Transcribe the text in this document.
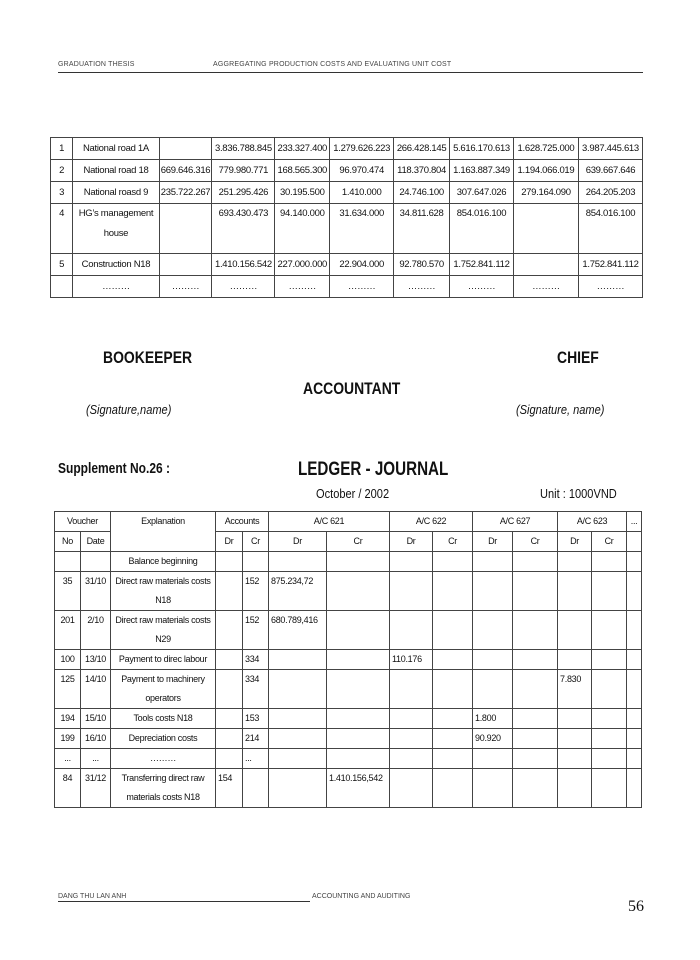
GRADUATION THESIS	AGGREGATING PRODUCTION COSTS AND EVALUATING UNIT COST
1	National road 1A		3.836.788.845	233.327.400	1.279.626.223	266.428.145	5.616.170.613	1.628.725.000	3.987.445.613
2	National road 18	669.646.316	779.980.771	168.565.300	96.970.474	118.370.804	1.163.887.349	1.194.066.019	639.667.646
3	National roasd 9	235.722.267	251.295.426	30.195.500	1.410.000	24.746.100	307.647.026	279.164.090	264.205.203
4	HG’s management house		693.430.473	94.140.000	31.634.000	34.811.628	854.016.100		854.016.100
5	Construction N18		1.410.156.542	227.000.000	22.904.000	92.780.570	1.752.841.112		1.752.841.112
	………	………	………	………	………	………	………	………	………
BOOKEEPER	CHIEF
ACCOUNTANT
(Signature,name)	(Signature, name)
Supplement No.26 :	LEDGER - JOURNAL
October / 2002	Unit : 1000VND
Voucher		Explanation	Accounts		A/C 621		A/C 622		A/C 627		A/C 623		...
No	Date		Dr	Cr	Dr	Cr	Dr	Cr	Dr	Cr	Dr	Cr	
		Balance beginning											
35	31/10	Direct raw materials costs N18		152	875.234,72								
201	2/10	Direct raw materials costs N29		152	680.789,416								
100	13/10	Payment to direc labour		334			110.176						
125	14/10	Payment to machinery operators		334							7.830		
194	15/10	Tools costs N18		153					1.800				
199	16/10	Depreciation costs		214					90.920				
...	...	………		...									
84	31/12	Transferring direct raw materials costs N18	154			1.410.156,542							
DANG THU LAN ANH	ACCOUNTING AND AUDITING
56
